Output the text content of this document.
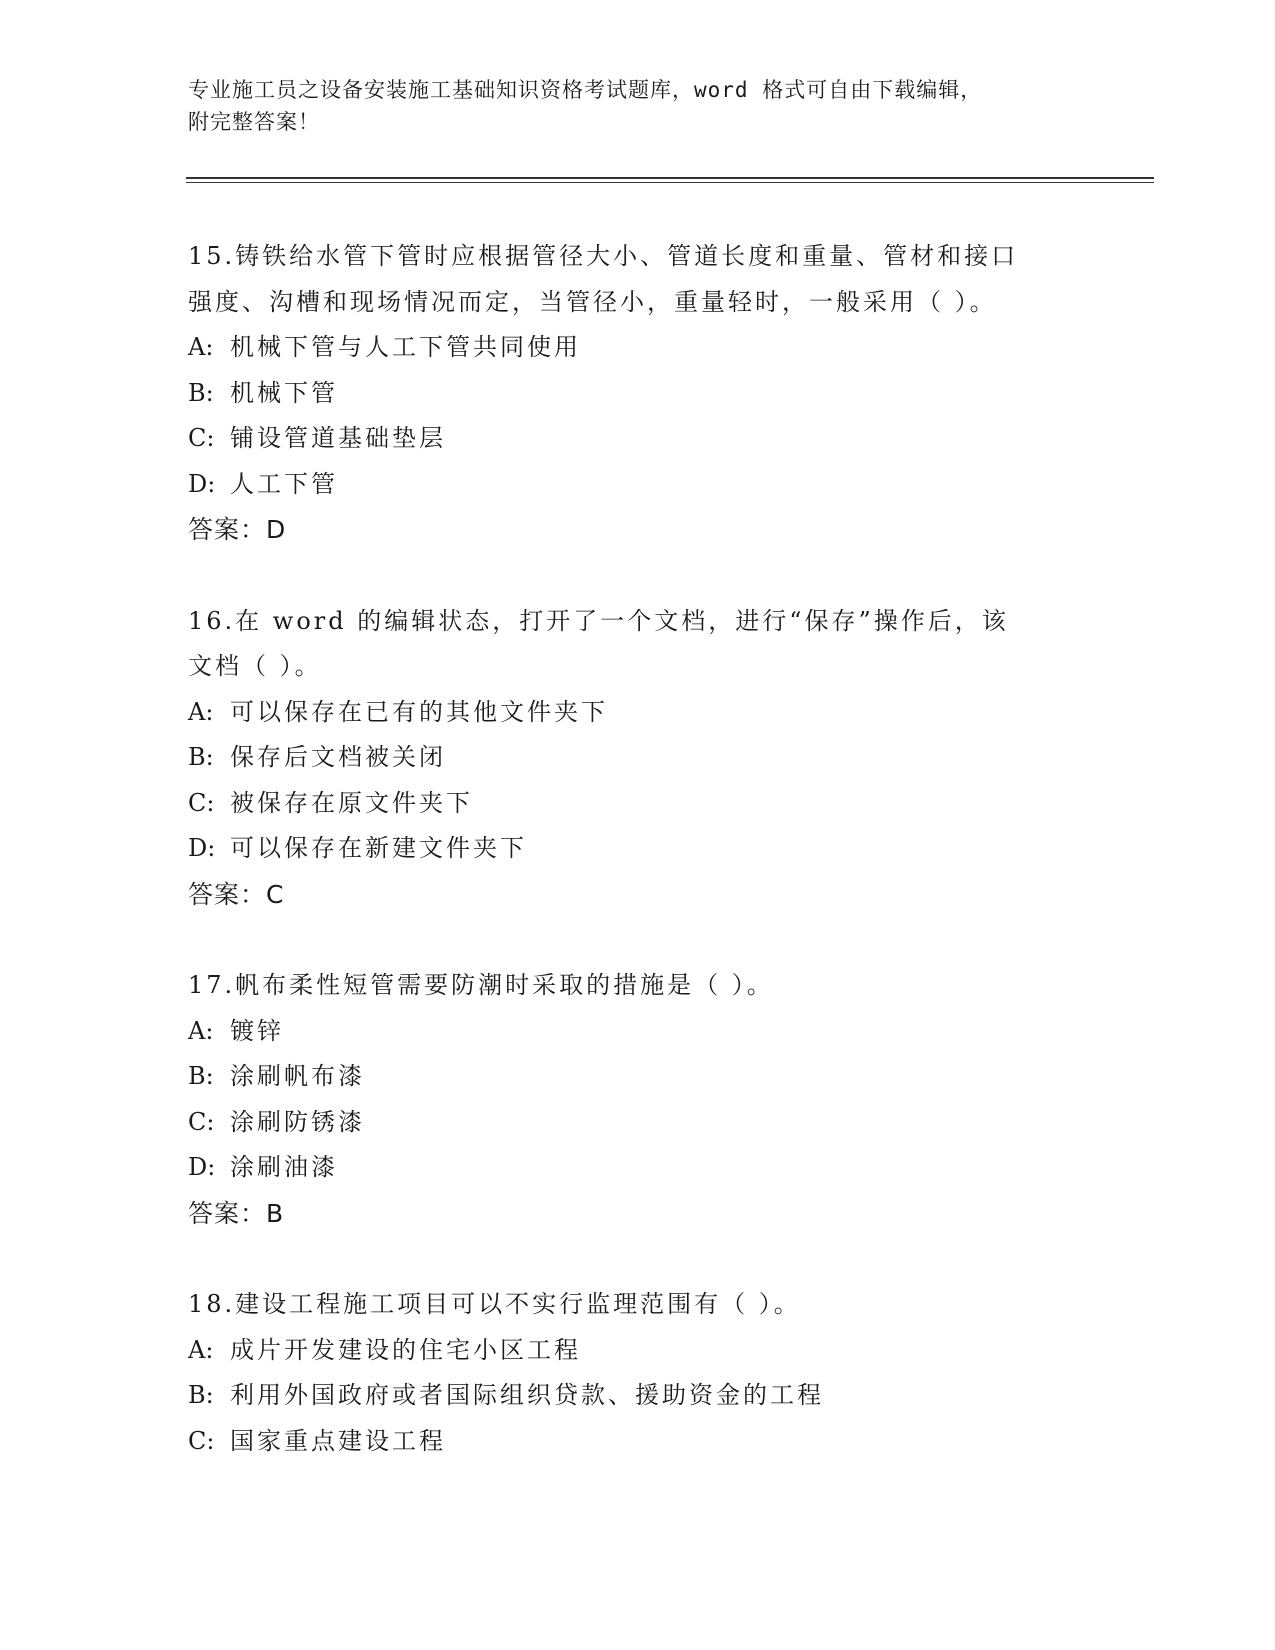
专业施工员之设备安装施工基础知识资格考试题库，word 格式可自由下载编辑，
附完整答案！
15.铸铁给水管下管时应根据管径大小、管道长度和重量、管材和接口
强度、沟槽和现场情况而定，当管径小，重量轻时，一般采用（ ）。
A: 机械下管与人工下管共同使用
B: 机械下管
C: 铺设管道基础垫层
D: 人工下管
答案：D
16.在 word 的编辑状态，打开了一个文档，进行“保存”操作后，该
文档（ ）。
A: 可以保存在已有的其他文件夹下
B: 保存后文档被关闭
C: 被保存在原文件夹下
D: 可以保存在新建文件夹下
答案：C
17.帆布柔性短管需要防潮时采取的措施是（ ）。
A: 镀锌
B: 涂刷帆布漆
C: 涂刷防锈漆
D: 涂刷油漆
答案：B
18.建设工程施工项目可以不实行监理范围有（ ）。
A: 成片开发建设的住宅小区工程
B: 利用外国政府或者国际组织贷款、援助资金的工程
C: 国家重点建设工程
